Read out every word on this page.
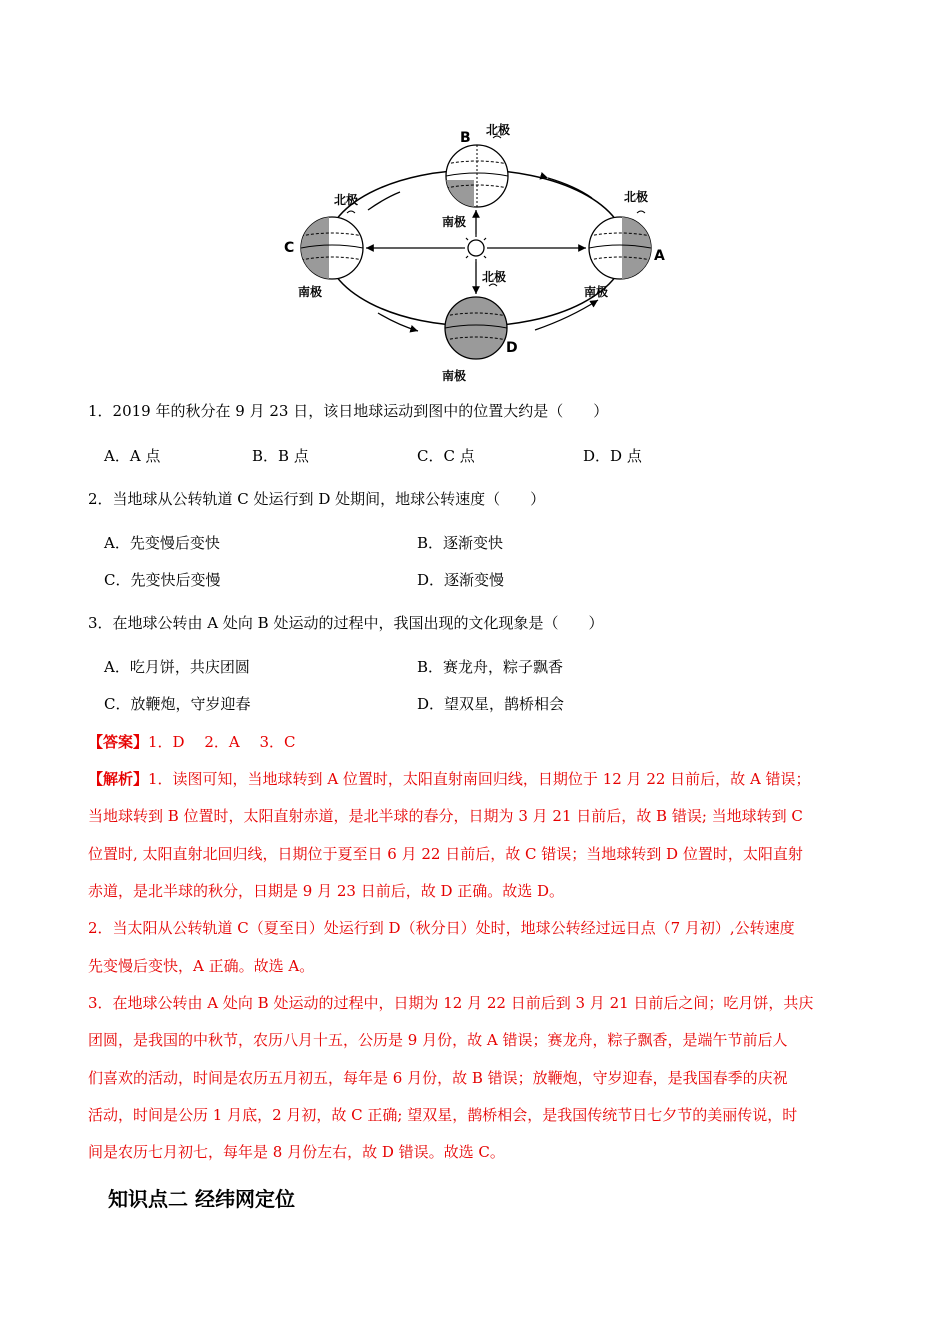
B 北极
南极
C
北极
南极
A
北极
南极
D
北极
南极
1．2019 年的秋分在 9 月 23 日，该日地球运动到图中的位置大约是（　　）
A．A 点	B．B 点	C．C 点	D．D 点
2．当地球从公转轨道 C 处运行到 D 处期间，地球公转速度（　　）
A．先变慢后变快	B．逐渐变快
C．先变快后变慢	D．逐渐变慢
3．在地球公转由 A 处向 B 处运动的过程中，我国出现的文化现象是（　　）
A．吃月饼，共庆团圆	B．赛龙舟，粽子飘香
C．放鞭炮，守岁迎春	D．望双星，鹊桥相会
【答案】1．D　 2．A　 3．C
【解析】1．读图可知，当地球转到 A 位置时，太阳直射南回归线，日期位于 12 月 22 日前后，故 A 错误；
当地球转到 B 位置时，太阳直射赤道，是北半球的春分，日期为 3 月 21 日前后，故 B 错误; 当地球转到 C
位置时, 太阳直射北回归线，日期位于夏至日 6 月 22 日前后，故 C 错误；当地球转到 D 位置时，太阳直射
赤道，是北半球的秋分，日期是 9 月 23 日前后，故 D 正确。故选 D。
2．当太阳从公转轨道 C（夏至日）处运行到 D（秋分日）处时，地球公转经过远日点（7 月初）,公转速度
先变慢后变快，A 正确。故选 A。
3．在地球公转由 A 处向 B 处运动的过程中，日期为 12 月 22 日前后到 3 月 21 日前后之间；吃月饼，共庆
团圆，是我国的中秋节，农历八月十五，公历是 9 月份，故 A 错误；赛龙舟，粽子飘香，是端午节前后人
们喜欢的活动，时间是农历五月初五，每年是 6 月份，故 B 错误；放鞭炮，守岁迎春，是我国春季的庆祝
活动，时间是公历 1 月底，2 月初，故 C 正确; 望双星，鹊桥相会，是我国传统节日七夕节的美丽传说，时
间是农历七月初七，每年是 8 月份左右，故 D 错误。故选 C。
知识点二 经纬网定位
